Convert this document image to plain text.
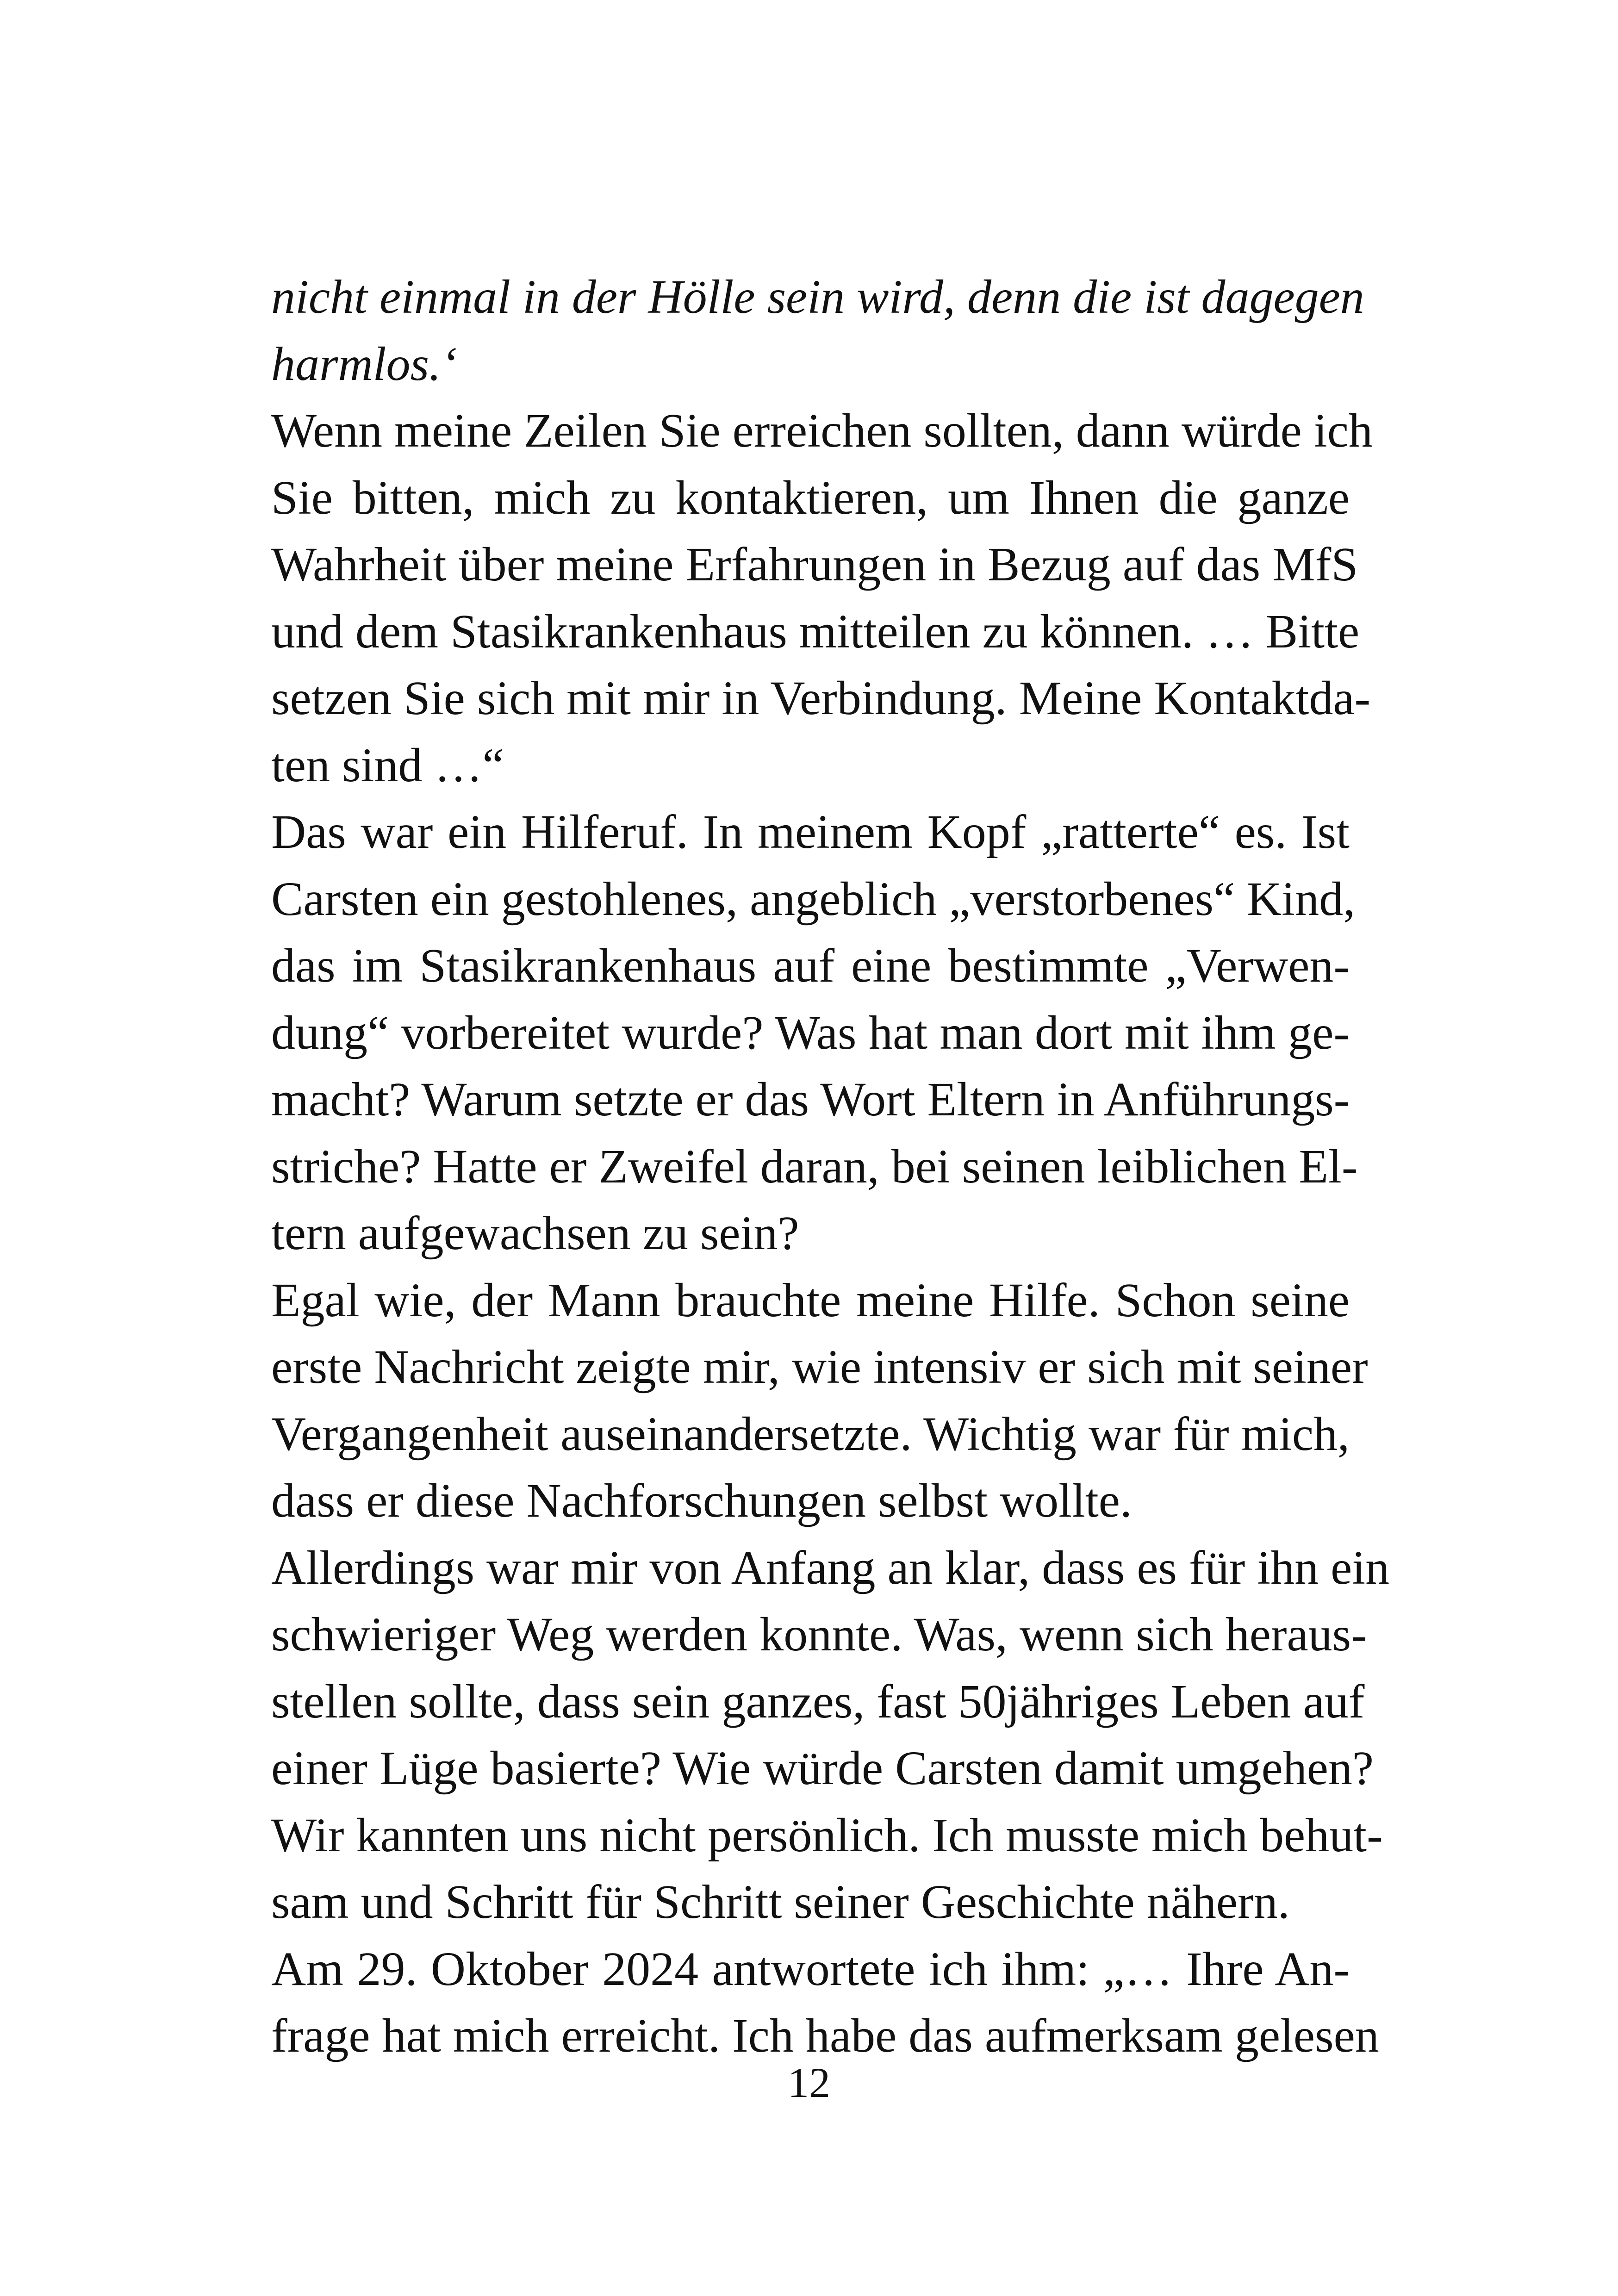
nicht einmal in der Hölle sein wird, denn die ist dagegen
harmlos.‘
Wenn meine Zeilen Sie erreichen sollten, dann würde ich
Sie bitten, mich zu kontaktieren, um Ihnen die ganze
Wahrheit über meine Erfahrungen in Bezug auf das MfS
und dem Stasikrankenhaus mitteilen zu können. … Bitte
setzen Sie sich mit mir in Verbindung. Meine Kontaktda-
ten sind …“
Das war ein Hilferuf. In meinem Kopf „ratterte“ es. Ist
Carsten ein gestohlenes, angeblich „verstorbenes“ Kind,
das im Stasikrankenhaus auf eine bestimmte „Verwen-
dung“ vorbereitet wurde? Was hat man dort mit ihm ge-
macht? Warum setzte er das Wort Eltern in Anführungs-
striche? Hatte er Zweifel daran, bei seinen leiblichen El-
tern aufgewachsen zu sein?
Egal wie, der Mann brauchte meine Hilfe. Schon seine
erste Nachricht zeigte mir, wie intensiv er sich mit seiner
Vergangenheit auseinandersetzte. Wichtig war für mich,
dass er diese Nachforschungen selbst wollte.
Allerdings war mir von Anfang an klar, dass es für ihn ein
schwieriger Weg werden konnte. Was, wenn sich heraus-
stellen sollte, dass sein ganzes, fast 50jähriges Leben auf
einer Lüge basierte? Wie würde Carsten damit umgehen?
Wir kannten uns nicht persönlich. Ich musste mich behut-
sam und Schritt für Schritt seiner Geschichte nähern.
Am 29. Oktober 2024 antwortete ich ihm: „… Ihre An-
frage hat mich erreicht. Ich habe das aufmerksam gelesen
12
